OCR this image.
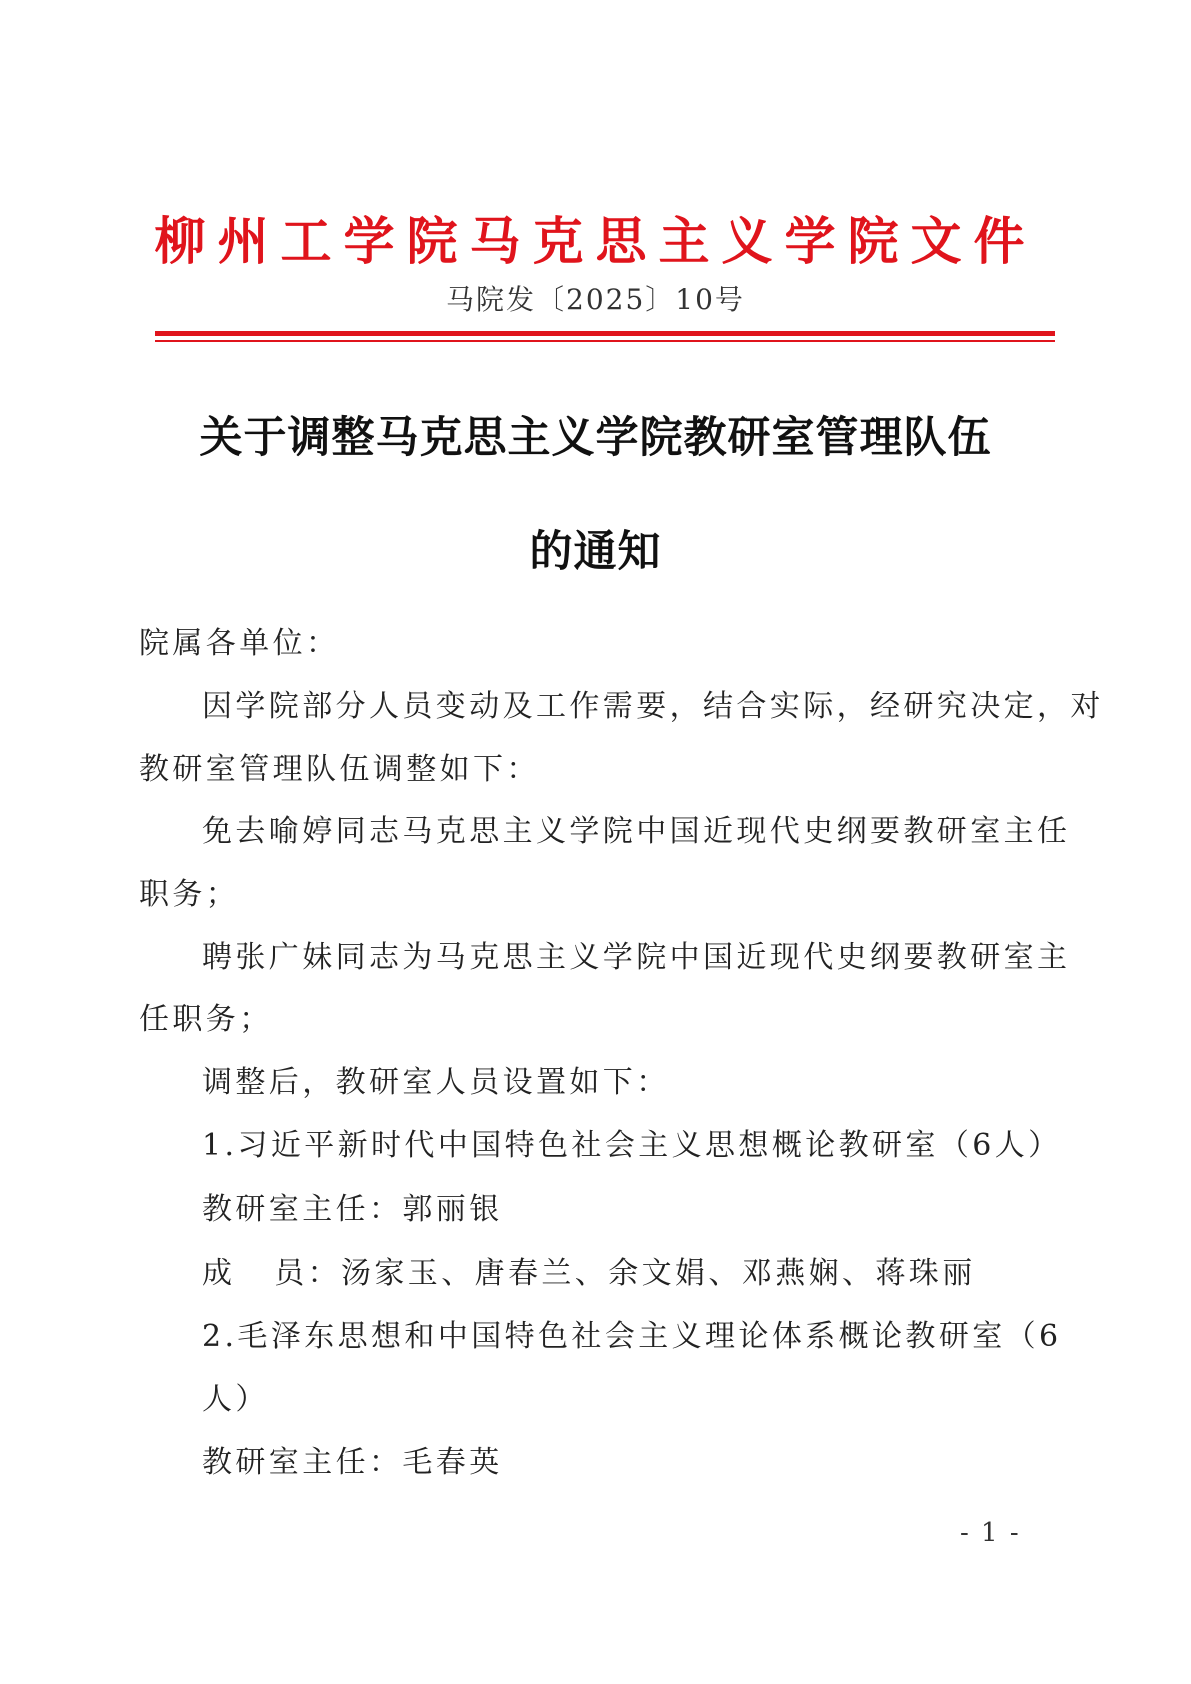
柳州工学院马克思主义学院文件
马院发〔2025〕10号
关于调整马克思主义学院教研室管理队伍
的通知
院属各单位：
因学院部分人员变动及工作需要，结合实际，经研究决定，对
教研室管理队伍调整如下：
免去喻婷同志马克思主义学院中国近现代史纲要教研室主任
职务；
聘张广妹同志为马克思主义学院中国近现代史纲要教研室主
任职务；
调整后，教研室人员设置如下：
1.习近平新时代中国特色社会主义思想概论教研室（6人）
教研室主任：郭丽银
成   员：汤家玉、唐春兰、余文娟、邓燕娴、蒋珠丽
2.毛泽东思想和中国特色社会主义理论体系概论教研室（6
人）
教研室主任：毛春英
- 1 -
